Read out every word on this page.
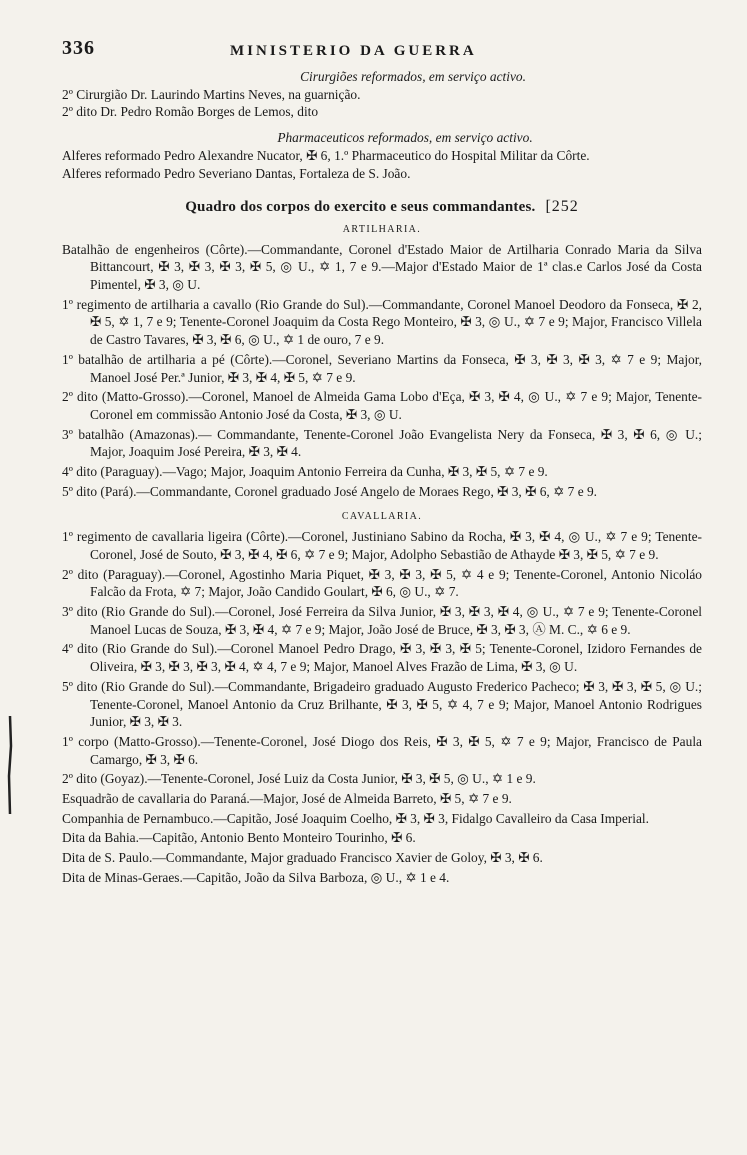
336	MINISTERIO DA GUERRA
Cirurgiões reformados, em serviço activo.
2º Cirurgião Dr. Laurindo Martins Neves, na guarnição.
2º dito Dr. Pedro Romão Borges de Lemos, dito
Pharmaceuticos reformados, em serviço activo.
Alferes reformado Pedro Alexandre Nucator, ✠ 6, 1.º Pharmaceutico do Hospital Militar da Côrte.
Alferes reformado Pedro Severiano Dantas, Fortaleza de S. João.
Quadro dos corpos do exercito e seus commandantes. [252
ARTILHARIA.
Batalhão de engenheiros (Côrte).—Commandante, Coronel d'Estado Maior de Artilharia Conrado Maria da Silva Bittancourt, ✠ 3, ✠ 3, ✠ 3, ✠ 5, ◎ U., ✡ 1, 7 e 9.—Major d'Estado Maior de 1ª clas.e Carlos José da Costa Pimentel, ✠ 3, ◎ U.
1º regimento de artilharia a cavallo (Rio Grande do Sul).—Commandante, Coronel Manoel Deodoro da Fonseca, ✠ 2, ✠ 5, ✡ 1, 7 e 9; Tenente-Coronel Joaquim da Costa Rego Monteiro, ✠ 3, ◎ U., ✡ 7 e 9; Major, Francisco Villela de Castro Tavares, ✠ 3, ✠ 6, ◎ U., ✡ 1 de ouro, 7 e 9.
1º batalhão de artilharia a pé (Côrte).—Coronel, Severiano Martins da Fonseca, ✠ 3, ✠ 3, ✠ 3, ✡ 7 e 9; Major, Manoel José Per.ª Junior, ✠ 3, ✠ 4, ✠ 5, ✡ 7 e 9.
2º dito (Matto-Grosso).—Coronel, Manoel de Almeida Gama Lobo d'Eça, ✠ 3, ✠ 4, ◎ U., ✡ 7 e 9; Major, Tenente-Coronel em commissão Antonio José da Costa, ✠ 3, ◎ U.
3º batalhão (Amazonas).— Commandante, Tenente-Coronel João Evangelista Nery da Fonseca, ✠ 3, ✠ 6, ◎ U.; Major, Joaquim José Pereira, ✠ 3, ✠ 4.
4º dito (Paraguay).—Vago; Major, Joaquim Antonio Ferreira da Cunha, ✠ 3, ✠ 5, ✡ 7 e 9.
5º dito (Pará).—Commandante, Coronel graduado José Angelo de Moraes Rego, ✠ 3, ✠ 6, ✡ 7 e 9.
CAVALLARIA.
1º regimento de cavallaria ligeira (Côrte).—Coronel, Justiniano Sabino da Rocha, ✠ 3, ✠ 4, ◎ U., ✡ 7 e 9; Tenente-Coronel, José de Souto, ✠ 3, ✠ 4, ✠ 6, ✡ 7 e 9; Major, Adolpho Sebastião de Athayde ✠ 3, ✠ 5, ✡ 7 e 9.
2º dito (Paraguay).—Coronel, Agostinho Maria Piquet, ✠ 3, ✠ 3, ✠ 5, ✡ 4 e 9; Tenente-Coronel, Antonio Nicoláo Falcão da Frota, ✡ 7; Major, João Candido Goulart, ✠ 6, ◎ U., ✡ 7.
3º dito (Rio Grande do Sul).—Coronel, José Ferreira da Silva Junior, ✠ 3, ✠ 3, ✠ 4, ◎ U., ✡ 7 e 9; Tenente-Coronel Manoel Lucas de Souza, ✠ 3, ✠ 4, ✡ 7 e 9; Major, João José de Bruce, ✠ 3, ✠ 3, Ⓐ M. C., ✡ 6 e 9.
4º dito (Rio Grande do Sul).—Coronel Manoel Pedro Drago, ✠ 3, ✠ 3, ✠ 5; Tenente-Coronel, Izidoro Fernandes de Oliveira, ✠ 3, ✠ 3, ✠ 3, ✠ 4, ✡ 4, 7 e 9; Major, Manoel Alves Frazão de Lima, ✠ 3, ◎ U.
5º dito (Rio Grande do Sul).—Commandante, Brigadeiro graduado Augusto Frederico Pacheco; ✠ 3, ✠ 3, ✠ 5, ◎ U.; Tenente-Coronel, Manoel Antonio da Cruz Brilhante, ✠ 3, ✠ 5, ✡ 4, 7 e 9; Major, Manoel Antonio Rodrigues Junior, ✠ 3, ✠ 3.
1º corpo (Matto-Grosso).—Tenente-Coronel, José Diogo dos Reis, ✠ 3, ✠ 5, ✡ 7 e 9; Major, Francisco de Paula Camargo, ✠ 3, ✠ 6.
2º dito (Goyaz).—Tenente-Coronel, José Luiz da Costa Junior, ✠ 3, ✠ 5, ◎ U., ✡ 1 e 9.
Esquadrão de cavallaria do Paraná.—Major, José de Almeida Barreto, ✠ 5, ✡ 7 e 9.
Companhia de Pernambuco.—Capitão, José Joaquim Coelho, ✠ 3, ✠ 3, Fidalgo Cavalleiro da Casa Imperial.
Dita da Bahia.—Capitão, Antonio Bento Monteiro Tourinho, ✠ 6.
Dita de S. Paulo.—Commandante, Major graduado Francisco Xavier de Goloy, ✠ 3, ✠ 6.
Dita de Minas-Geraes.—Capitão, João da Silva Barboza, ◎ U., ✡ 1 e 4.
